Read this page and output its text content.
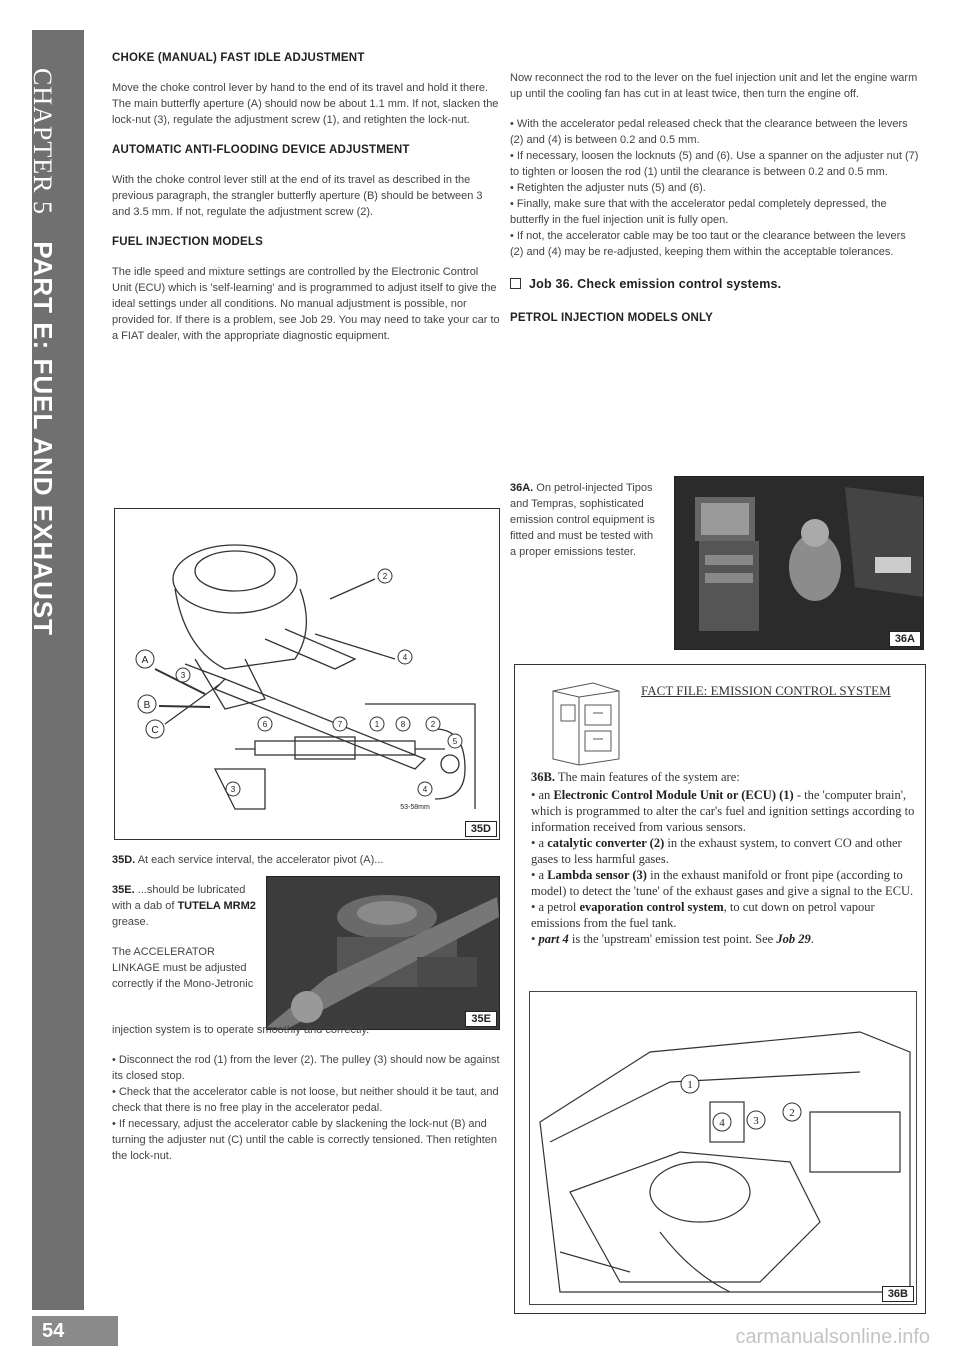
CHAPTER 5 PART E: FUEL AND EXHAUST
CHOKE (MANUAL) FAST IDLE ADJUSTMENT

Move the choke control lever by hand to the end of its travel and hold it there. The main butterfly aperture (A) should now be about 1.1 mm. If not, slacken the lock-nut (3), regulate the adjustment screw (1), and retighten the lock-nut.

AUTOMATIC ANTI-FLOODING DEVICE ADJUSTMENT

With the choke control lever still at the end of its travel as described in the previous paragraph, the strangler butterfly aperture (B) should be between 3 and 3.5 mm. If not, regulate the adjustment screw (2).

FUEL INJECTION MODELS

The idle speed and mixture settings are controlled by the Electronic Control Unit (ECU) which is 'self-learning' and is programmed to adjust itself to give the ideal settings under all conditions. No manual adjustment is possible, nor provided for. If there is a problem, see Job 29. You may need to take your car to a FIAT dealer, with the appropriate diagnostic equipment.

A
B
C
2
4
3
6	7	1	8	2
4
3
5
53-58mm
35D
35D. At each service interval, the accelerator pivot (A)...
35E. ...should be lubricated with a dab of TUTELA MRM2 grease.
The ACCELERATOR LINKAGE must be adjusted correctly if the Mono-Jetronic
35E

injection system is to operate smoothly and correctly.

• Disconnect the rod (1) from the lever (2). The pulley (3) should now be against its closed stop.

• Check that the accelerator cable is not loose, but neither should it be taut, and check that there is no free play in the accelerator pedal.

• If necessary, adjust the accelerator cable by slackening the lock-nut (B) and turning the adjuster nut (C) until the cable is correctly tensioned. Then retighten the lock-nut.

Now reconnect the rod to the lever on the fuel injection unit and let the engine warm up until the cooling fan has cut in at least twice, then turn the engine off.

• With the accelerator pedal released check that the clearance between the levers (2) and (4) is between 0.2 and 0.5 mm.

• If necessary, loosen the locknuts (5) and (6). Use a spanner on the adjuster nut (7) to tighten or loosen the rod (1) until the clearance is between 0.2 and 0.5 mm.

• Retighten the adjuster nuts (5) and (6).

• Finally, make sure that with the accelerator pedal completely depressed, the butterfly in the fuel injection unit is fully open.

• If not, the accelerator cable may be too taut or the clearance between the levers (2) and (4) may be re-adjusted, keeping them within the acceptable tolerances.

Job 36. Check emission control systems.
PETROL INJECTION MODELS ONLY
36A. On petrol-injected Tipos and Tempras, sophisticated emission control equipment is fitted and must be tested with a proper emissions tester.
36A
FACT FILE: EMISSION CONTROL SYSTEM

36B. The main features of the system are:

• an Electronic Control Module Unit or (ECU) (1) - the 'computer brain', which is programmed to alter the car's fuel and ignition settings according to information received from various sensors.

• a catalytic converter (2) in the exhaust system, to convert CO and other gases to less harmful gases.

• a Lambda sensor (3) in the exhaust manifold or front pipe (according to model) to detect the 'tune' of the exhaust gases and give a signal to the ECU.

• a petrol evaporation control system, to cut down on petrol vapour emissions from the fuel tank.

• part 4 is the 'upstream' emission test point. See Job 29.

1
4	3
2
36B
54	carmanualsonline.info
